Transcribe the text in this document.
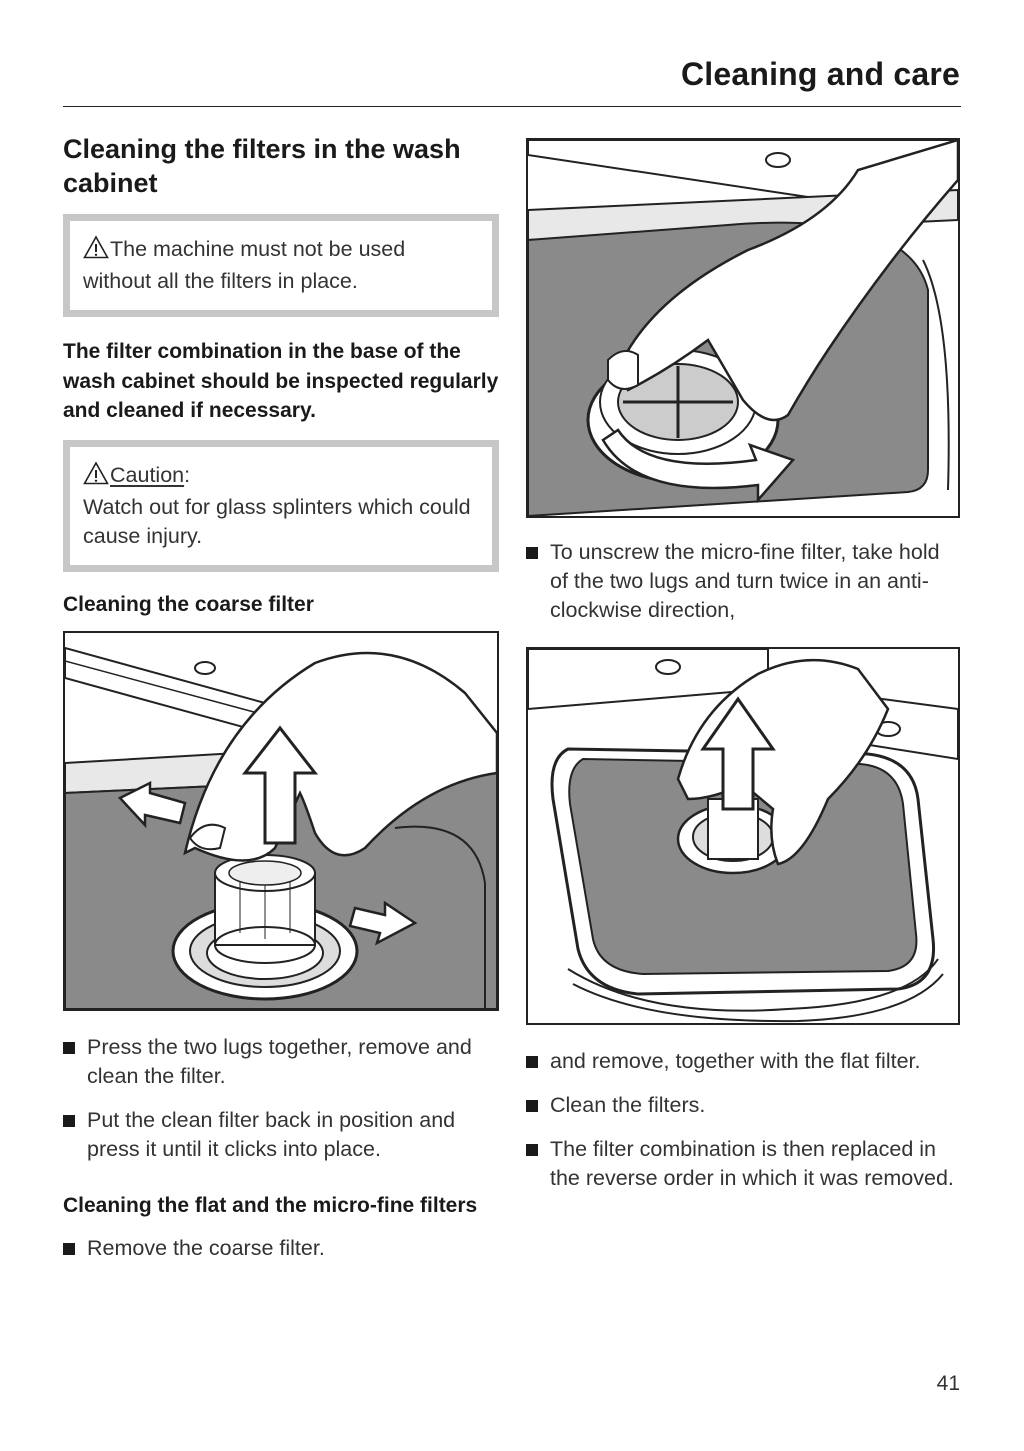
Cleaning and care
Cleaning the filters in the wash cabinet
The machine must not be used without all the filters in place.

The filter combination in the base of the wash cabinet should be inspected regularly and cleaned if necessary.

Caution:
Watch out for glass splinters which could cause injury.

Cleaning the coarse filter

Press the two lugs together, remove and clean the filter.
Put the clean filter back in position and press it until it clicks into place.

Cleaning the flat and the micro-fine filters

Remove the coarse filter.
To unscrew the micro-fine filter, take hold of the two lugs and turn twice in an anti-clockwise direction,
and remove, together with the flat filter.
Clean the filters.
The filter combination is then replaced in the reverse order in which it was removed.
41
